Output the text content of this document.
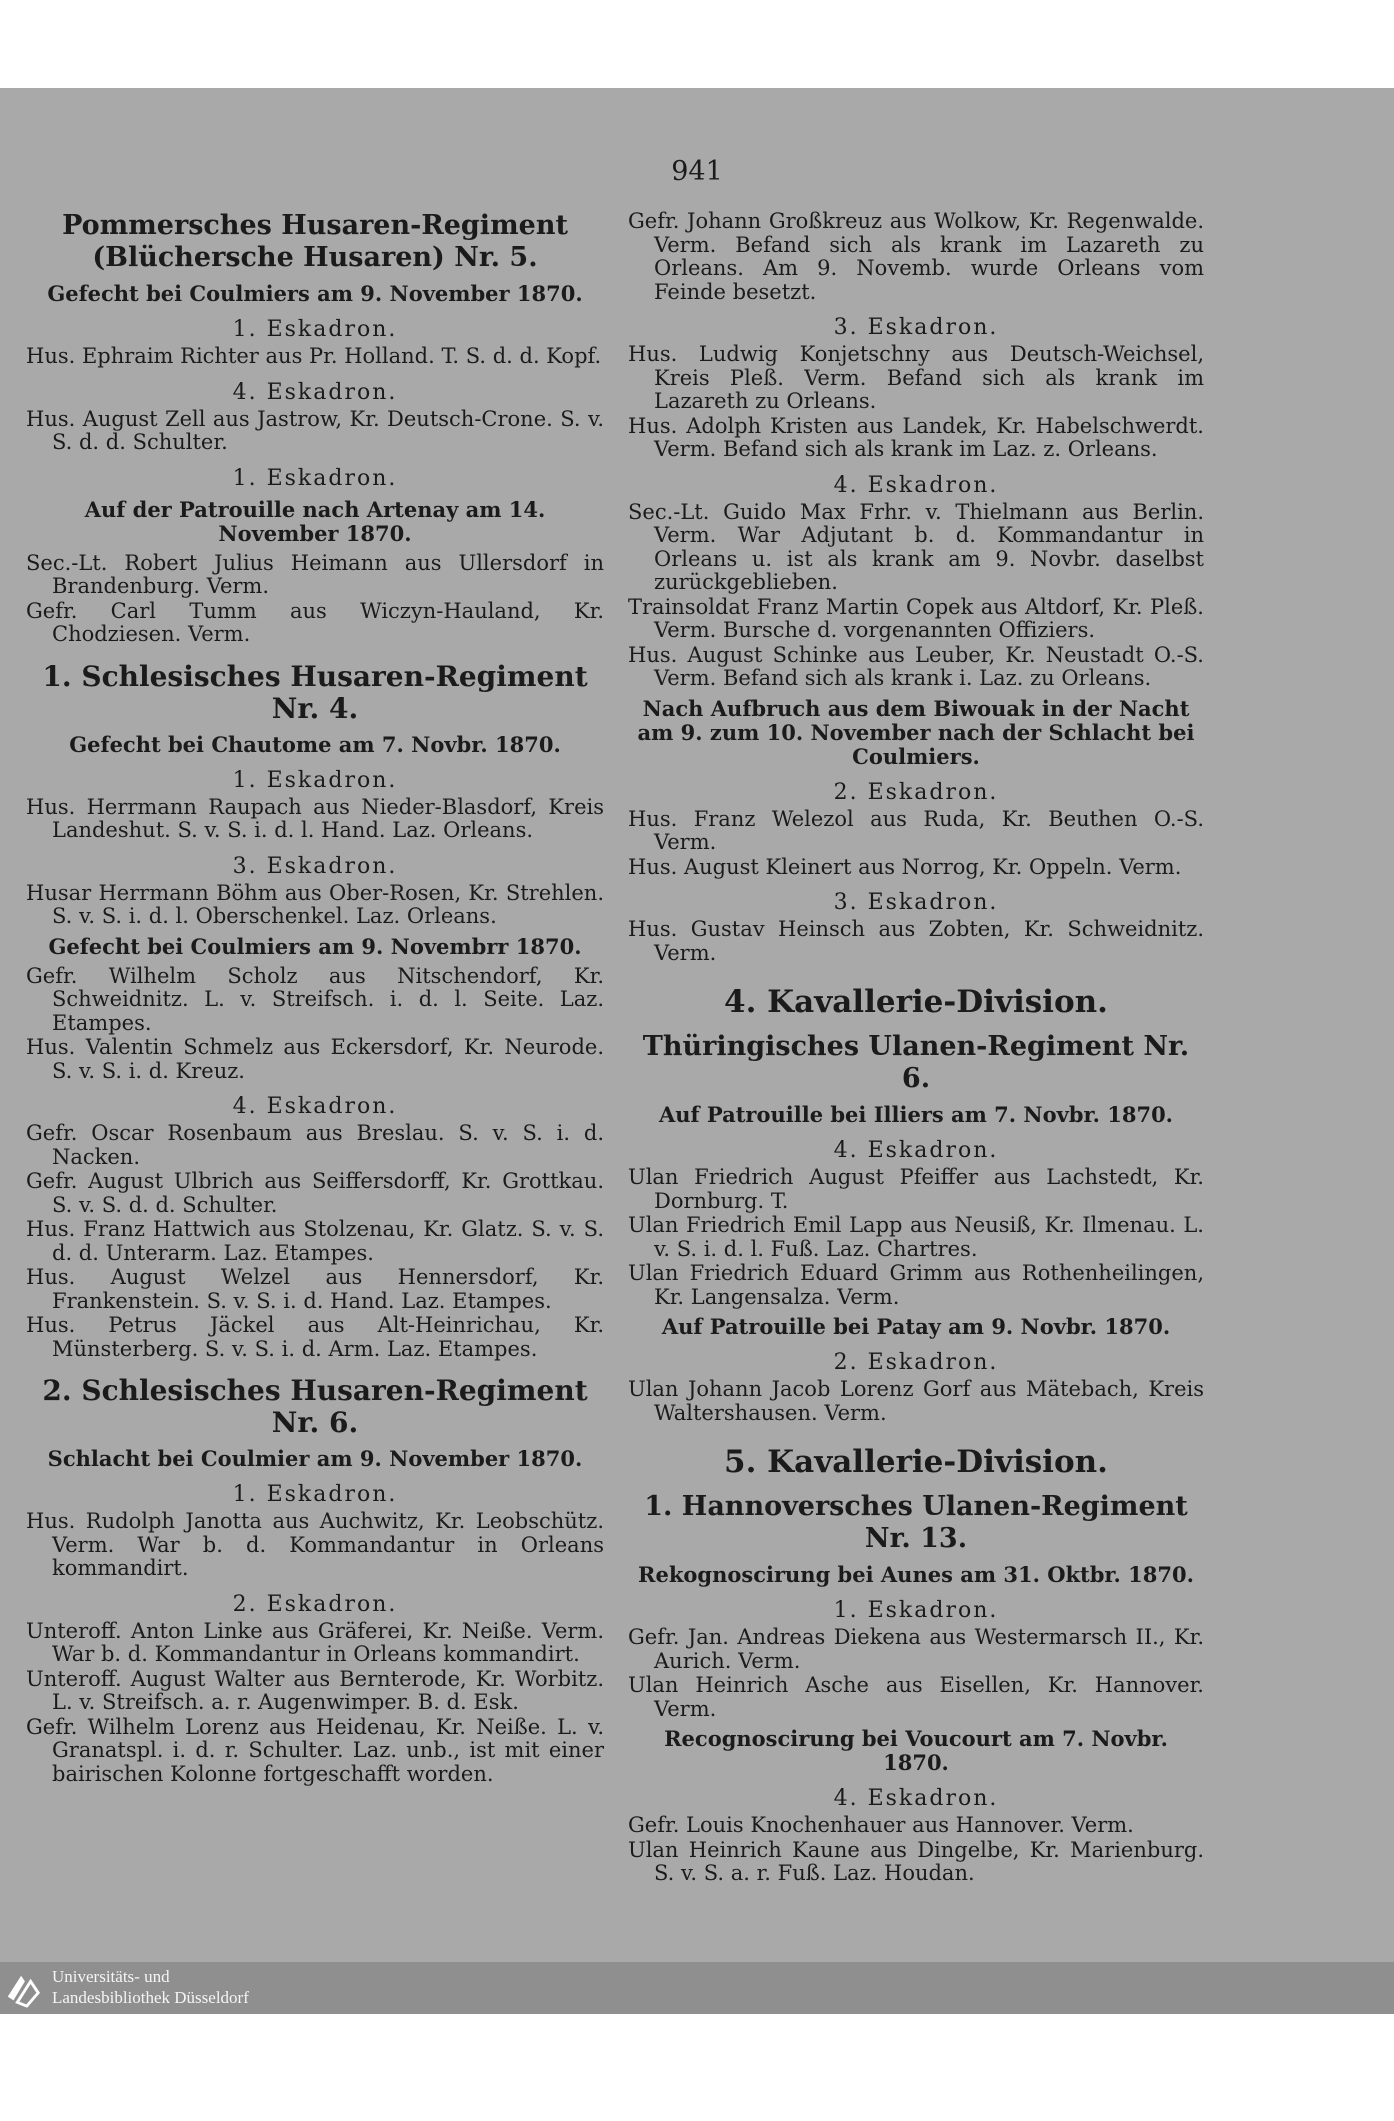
941
Pommersches Husaren-Regiment (Blüchersche Husaren) Nr. 5.
Gefecht bei Coulmiers am 9. November 1870.
1. Eskadron.
Hus. Ephraim Richter aus Pr. Holland. T. S. d. d. Kopf.
4. Eskadron.
Hus. August Zell aus Jastrow, Kr. Deutsch-Crone. S. v. S. d. d. Schulter.
1. Eskadron.
Auf der Patrouille nach Artenay am 14. November 1870.
Sec.-Lt. Robert Julius Heimann aus Ullersdorf in Brandenburg. Verm.
Gefr. Carl Tumm aus Wiczyn-Hauland, Kr. Chodziesen. Verm.
1. Schlesisches Husaren-Regiment Nr. 4.
Gefecht bei Chautome am 7. Novbr. 1870.
1. Eskadron.
Hus. Herrmann Raupach aus Nieder-Blasdorf, Kreis Landeshut. S. v. S. i. d. l. Hand. Laz. Orleans.
3. Eskadron.
Husar Herrmann Böhm aus Ober-Rosen, Kr. Strehlen. S. v. S. i. d. l. Oberschenkel. Laz. Orleans.
Gefecht bei Coulmiers am 9. Novembrr 1870.
Gefr. Wilhelm Scholz aus Nitschendorf, Kr. Schweidnitz. L. v. Streifsch. i. d. l. Seite. Laz. Etampes.
Hus. Valentin Schmelz aus Eckersdorf, Kr. Neurode. S. v. S. i. d. Kreuz.
4. Eskadron.
Gefr. Oscar Rosenbaum aus Breslau. S. v. S. i. d. Nacken.
Gefr. August Ulbrich aus Seiffersdorff, Kr. Grottkau. S. v. S. d. d. Schulter.
Hus. Franz Hattwich aus Stolzenau, Kr. Glatz. S. v. S. d. d. Unterarm. Laz. Etampes.
Hus. August Welzel aus Hennersdorf, Kr. Frankenstein. S. v. S. i. d. Hand. Laz. Etampes.
Hus. Petrus Jäckel aus Alt-Heinrichau, Kr. Münsterberg. S. v. S. i. d. Arm. Laz. Etampes.
2. Schlesisches Husaren-Regiment Nr. 6.
Schlacht bei Coulmier am 9. November 1870.
1. Eskadron.
Hus. Rudolph Janotta aus Auchwitz, Kr. Leobschütz. Verm. War b. d. Kommandantur in Orleans kommandirt.
2. Eskadron.
Unteroff. Anton Linke aus Gräferei, Kr. Neiße. Verm. War b. d. Kommandantur in Orleans kommandirt.
Unteroff. August Walter aus Bernterode, Kr. Worbitz. L. v. Streifsch. a. r. Augenwimper. B. d. Esk.
Gefr. Wilhelm Lorenz aus Heidenau, Kr. Neiße. L. v. Granatspl. i. d. r. Schulter. Laz. unb., ist mit einer bairischen Kolonne fortgeschafft worden.
Gefr. Johann Großkreuz aus Wolkow, Kr. Regenwalde. Verm. Befand sich als krank im Lazareth zu Orleans. Am 9. Novemb. wurde Orleans vom Feinde besetzt.
3. Eskadron.
Hus. Ludwig Konjetschny aus Deutsch-Weichsel, Kreis Pleß. Verm. Befand sich als krank im Lazareth zu Orleans.
Hus. Adolph Kristen aus Landek, Kr. Habelschwerdt. Verm. Befand sich als krank im Laz. z. Orleans.
4. Eskadron.
Sec.-Lt. Guido Max Frhr. v. Thielmann aus Berlin. Verm. War Adjutant b. d. Kommandantur in Orleans u. ist als krank am 9. Novbr. daselbst zurückgeblieben.
Trainsoldat Franz Martin Copek aus Altdorf, Kr. Pleß. Verm. Bursche d. vorgenannten Offiziers.
Hus. August Schinke aus Leuber, Kr. Neustadt O.-S. Verm. Befand sich als krank i. Laz. zu Orleans.
Nach Aufbruch aus dem Biwouak in der Nacht am 9. zum 10. November nach der Schlacht bei Coulmiers.
2. Eskadron.
Hus. Franz Welezol aus Ruda, Kr. Beuthen O.-S. Verm.
Hus. August Kleinert aus Norrog, Kr. Oppeln. Verm.
3. Eskadron.
Hus. Gustav Heinsch aus Zobten, Kr. Schweidnitz. Verm.
4. Kavallerie-Division.
Thüringisches Ulanen-Regiment Nr. 6.
Auf Patrouille bei Illiers am 7. Novbr. 1870.
4. Eskadron.
Ulan Friedrich August Pfeiffer aus Lachstedt, Kr. Dornburg. T.
Ulan Friedrich Emil Lapp aus Neusiß, Kr. Ilmenau. L. v. S. i. d. l. Fuß. Laz. Chartres.
Ulan Friedrich Eduard Grimm aus Rothenheilingen, Kr. Langensalza. Verm.
Auf Patrouille bei Patay am 9. Novbr. 1870.
2. Eskadron.
Ulan Johann Jacob Lorenz Gorf aus Mätebach, Kreis Waltershausen. Verm.
5. Kavallerie-Division.
1. Hannoversches Ulanen-Regiment Nr. 13.
Rekognoscirung bei Aunes am 31. Oktbr. 1870.
1. Eskadron.
Gefr. Jan. Andreas Diekena aus Westermarsch II., Kr. Aurich. Verm.
Ulan Heinrich Asche aus Eisellen, Kr. Hannover. Verm.
Recognoscirung bei Voucourt am 7. Novbr. 1870.
4. Eskadron.
Gefr. Louis Knochenhauer aus Hannover. Verm.
Ulan Heinrich Kaune aus Dingelbe, Kr. Marienburg. S. v. S. a. r. Fuß. Laz. Houdan.
Universitäts- und
Landesbibliothek Düsseldorf
